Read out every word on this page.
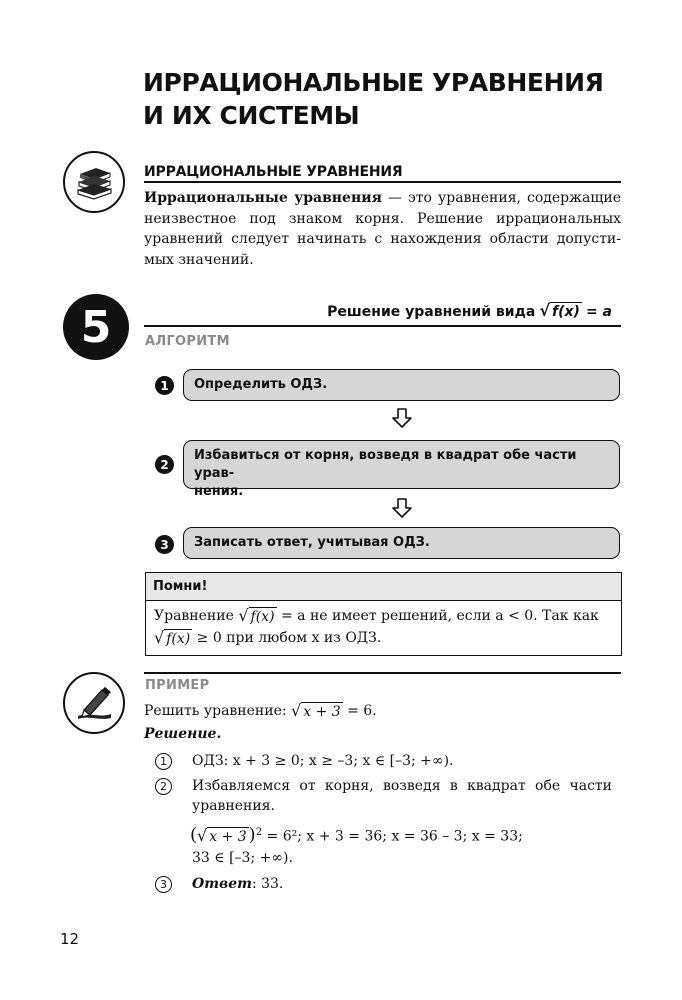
ИРРАЦИОНАЛЬНЫЕ УРАВНЕНИЯ
И ИХ СИСТЕМЫ
ИРРАЦИОНАЛЬНЫЕ УРАВНЕНИЯ
Иррациональные уравнения — это уравнения, содержащие неизвестное под знаком корня. Решение иррациональных уравнений следует начинать с нахождения области допусти-мых значений.
5	Решение уравнений вида √ f(x) = a
АЛГОРИТМ
1	Определить ОДЗ.
2
Избавиться от корня, возведя в квадрат обе части урав-
нения.
3	Записать ответ, учитывая ОДЗ.
Помни!
Уравнение √ f(x) = a не имеет решений, если a < 0. Так как
√ f(x) ≥ 0 при любом x из ОДЗ.
ПРИМЕР
Решить уравнение: √ x + 3 = 6.
Решение.
1	ОДЗ: x + 3 ≥ 0; x ≥ –3; x ∈ [–3; +∞).
2	Избавляемся от корня, возведя в квадрат обе части
уравнения.
( √ x + 3 )$^2$ = 6²; x + 3 = 36; x = 36 – 3; x = 33;
33 ∈ [–3; +∞).
3	Ответ: 33.
12
